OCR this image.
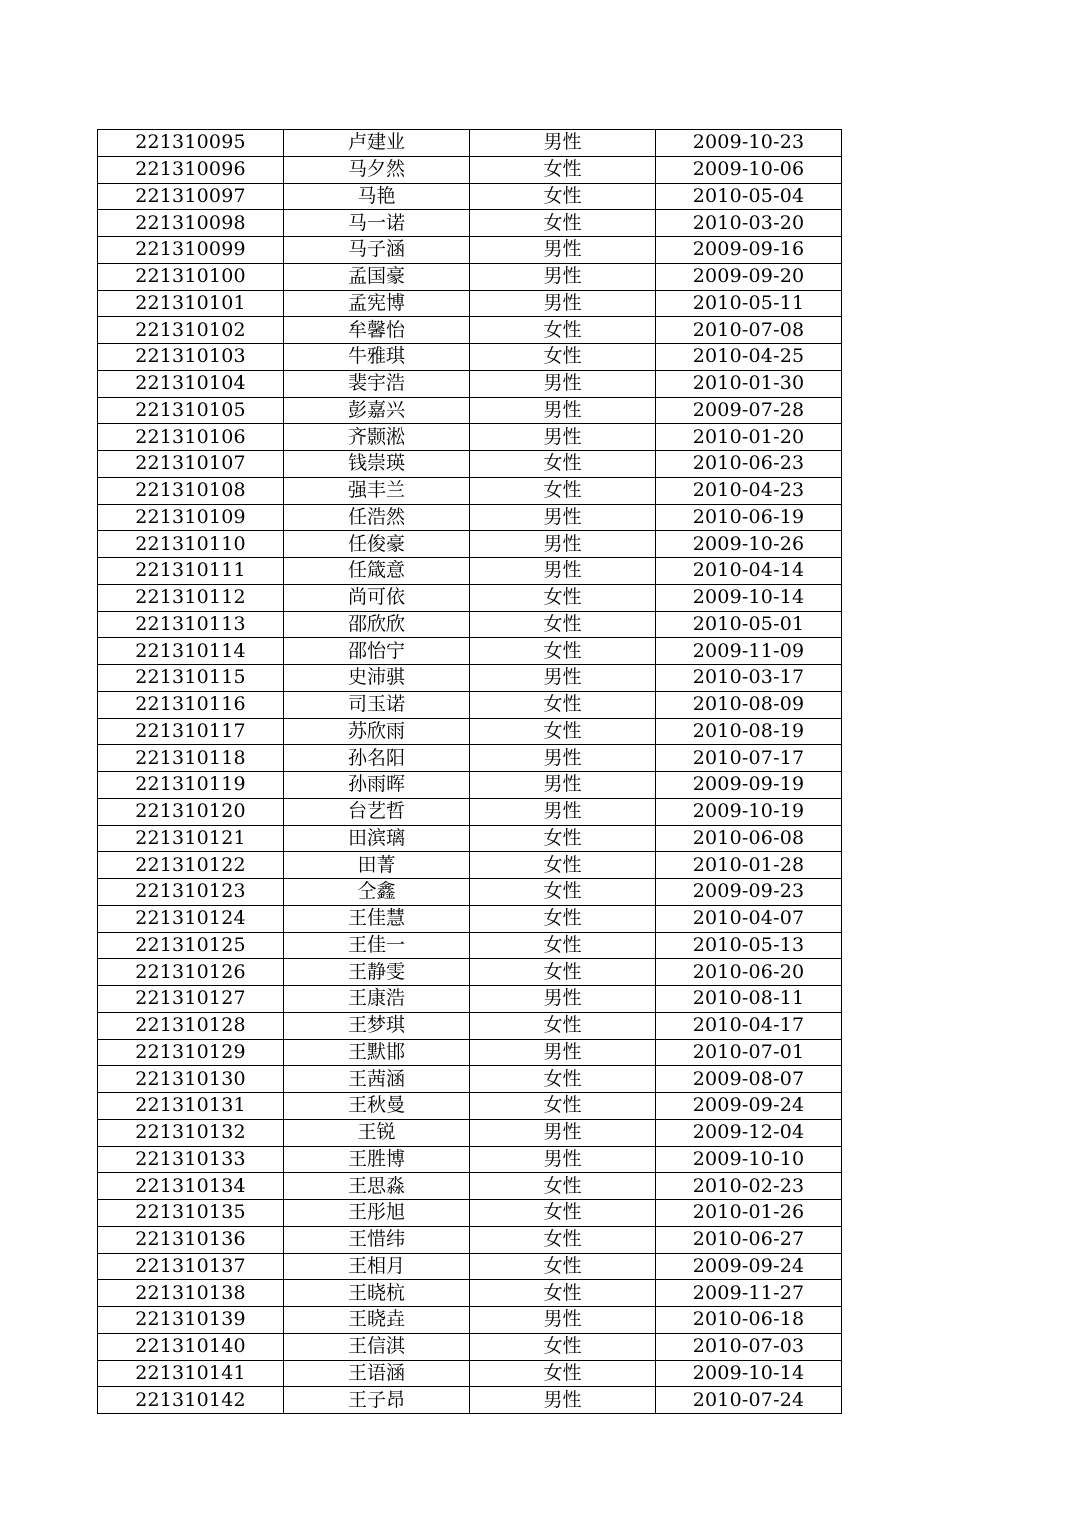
221310095	卢建业	男性	2009-10-23
221310096	马夕然	女性	2009-10-06
221310097	马艳	女性	2010-05-04
221310098	马一诺	女性	2010-03-20
221310099	马子涵	男性	2009-09-16
221310100	孟国豪	男性	2009-09-20
221310101	孟宪博	男性	2010-05-11
221310102	牟馨怡	女性	2010-07-08
221310103	牛雅琪	女性	2010-04-25
221310104	裴宇浩	男性	2010-01-30
221310105	彭嘉兴	男性	2009-07-28
221310106	齐颢淞	男性	2010-01-20
221310107	钱崇瑛	女性	2010-06-23
221310108	强丰兰	女性	2010-04-23
221310109	任浩然	男性	2010-06-19
221310110	任俊豪	男性	2009-10-26
221310111	任箴意	男性	2010-04-14
221310112	尚可依	女性	2009-10-14
221310113	邵欣欣	女性	2010-05-01
221310114	邵怡宁	女性	2009-11-09
221310115	史沛骐	男性	2010-03-17
221310116	司玉诺	女性	2010-08-09
221310117	苏欣雨	女性	2010-08-19
221310118	孙名阳	男性	2010-07-17
221310119	孙雨晖	男性	2009-09-19
221310120	台艺哲	男性	2009-10-19
221310121	田滨璃	女性	2010-06-08
221310122	田菁	女性	2010-01-28
221310123	仝鑫	女性	2009-09-23
221310124	王佳慧	女性	2010-04-07
221310125	王佳一	女性	2010-05-13
221310126	王静雯	女性	2010-06-20
221310127	王康浩	男性	2010-08-11
221310128	王梦琪	女性	2010-04-17
221310129	王默邯	男性	2010-07-01
221310130	王茜涵	女性	2009-08-07
221310131	王秋曼	女性	2009-09-24
221310132	王锐	男性	2009-12-04
221310133	王胜博	男性	2009-10-10
221310134	王思淼	女性	2010-02-23
221310135	王彤旭	女性	2010-01-26
221310136	王惜纬	女性	2010-06-27
221310137	王相月	女性	2009-09-24
221310138	王晓杭	女性	2009-11-27
221310139	王晓垚	男性	2010-06-18
221310140	王信淇	女性	2010-07-03
221310141	王语涵	女性	2009-10-14
221310142	王子昂	男性	2010-07-24
